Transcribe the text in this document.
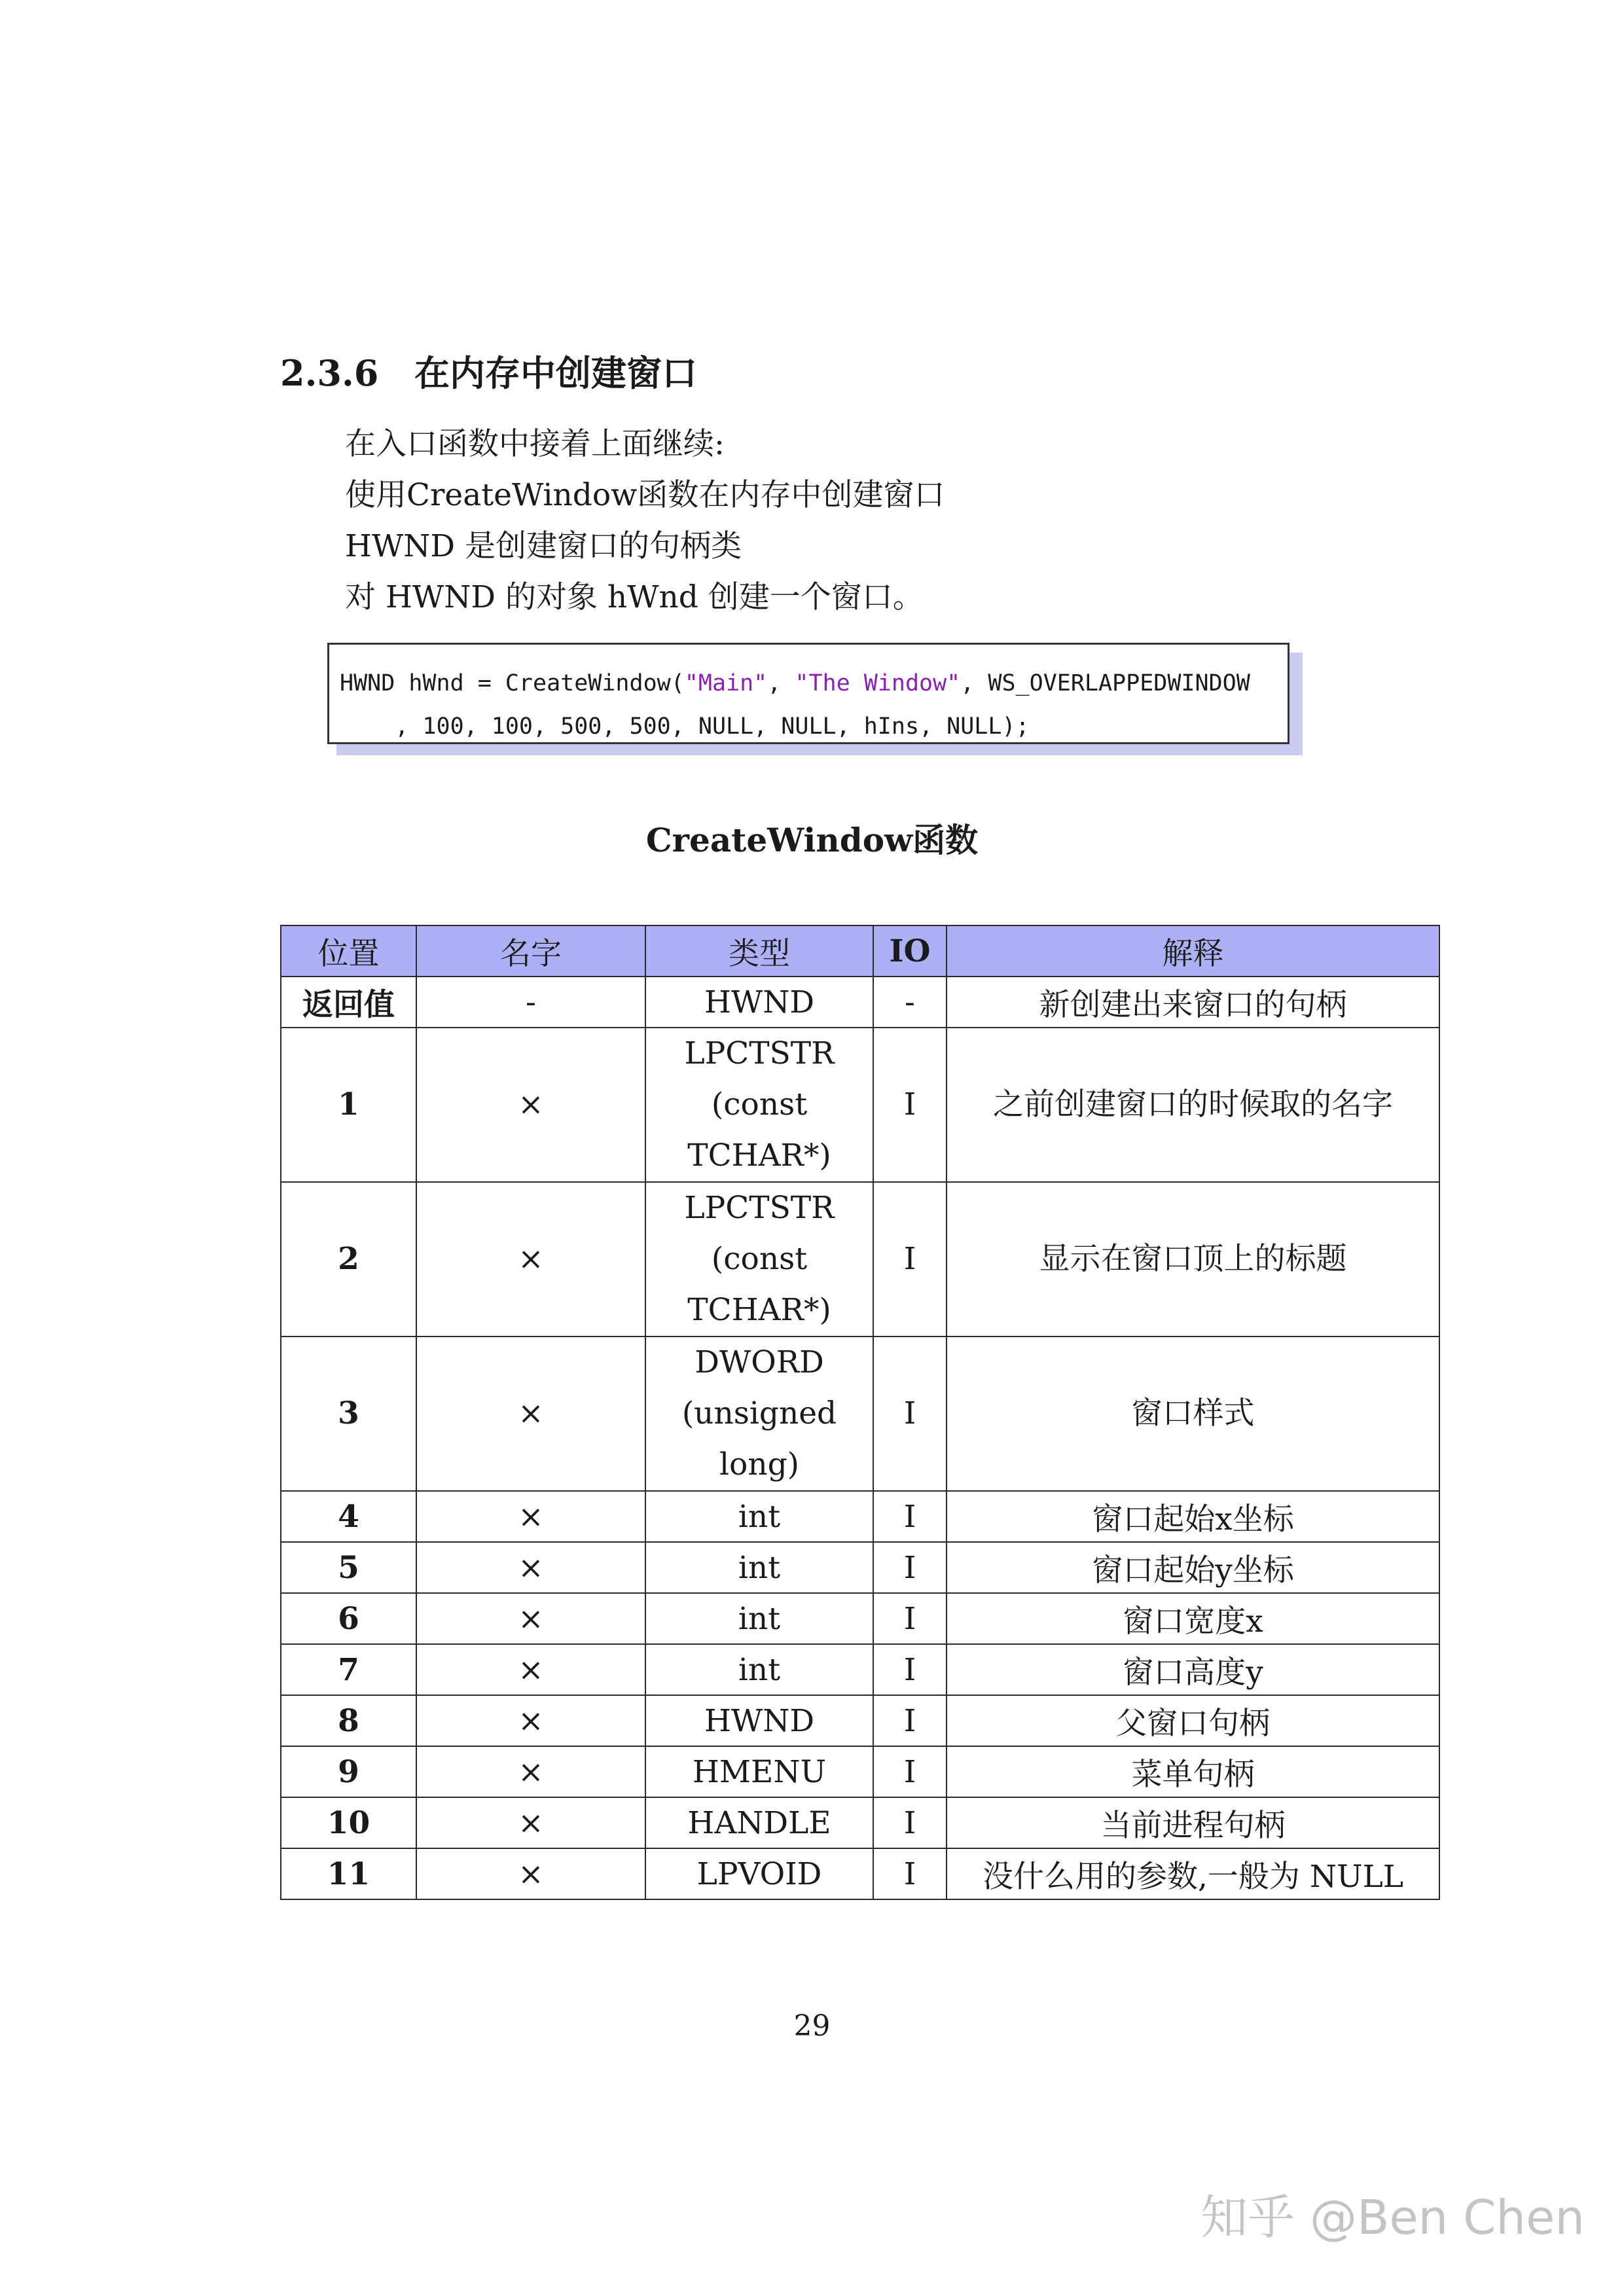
2.3.6 在内存中创建窗口
在入口函数中接着上面继续:
使用CreateWindow函数在内存中创建窗口
HWND 是创建窗口的句柄类
对 HWND 的对象 hWnd 创建一个窗口。
HWND hWnd = CreateWindow("Main", "The Window", WS_OVERLAPPEDWINDOW
, 100, 100, 500, 500, NULL, NULL, hIns, NULL);
CreateWindow函数
位置	名字	类型	IO	解释
返回值	-	HWND	-	新创建出来窗口的句柄
1	×	LPCTSTR
(const
TCHAR*)	I	之前创建窗口的时候取的名字
2	×	LPCTSTR
(const
TCHAR*)	I	显示在窗口顶上的标题
3	×	DWORD
(unsigned
long)	I	窗口样式
4	×	int	I	窗口起始x坐标
5	×	int	I	窗口起始y坐标
6	×	int	I	窗口宽度x
7	×	int	I	窗口高度y
8	×	HWND	I	父窗口句柄
9	×	HMENU	I	菜单句柄
10	×	HANDLE	I	当前进程句柄
11	×	LPVOID	I	没什么用的参数,一般为 NULL
29
知乎 @Ben Chen
